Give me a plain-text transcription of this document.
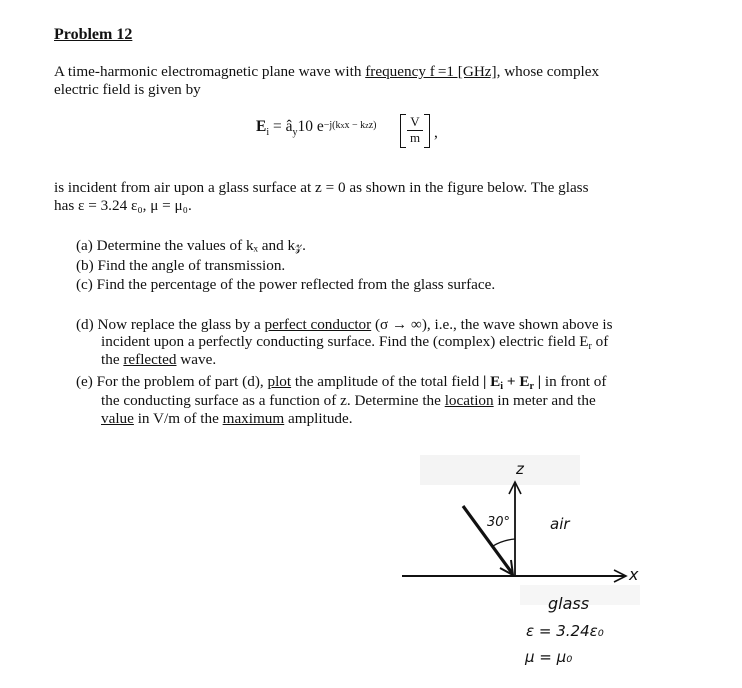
Problem 12
A time-harmonic electromagnetic plane wave with frequency f =1 [GHz], whose complex
electric field is given by
$E_i$ = $â_y10$ $e^{-j(kxx - kzz)}$	V
m ,
is incident from air upon a glass surface at z = 0 as shown in the figure below. The glass
has ε = 3.24 ε₀, μ = μ₀.
(a) Determine the values of kₓ and k𝓏.
(b) Find the angle of transmission.
(c) Find the percentage of the power reflected from the glass surface.
(d) Now replace the glass by a perfect conductor (σ → ∞), i.e., the wave shown above is
incident upon a perfectly conducting surface. Find the (complex) electric field Er of
the reflected wave.
(e) For the problem of part (d), plot the amplitude of the total field | Ei + Er | in front of
the conducting surface as a function of z. Determine the location in meter and the
value in V/m of the maximum amplitude.
z
x
30°	air
glass
ε = 3.24ε₀
μ = μ₀
